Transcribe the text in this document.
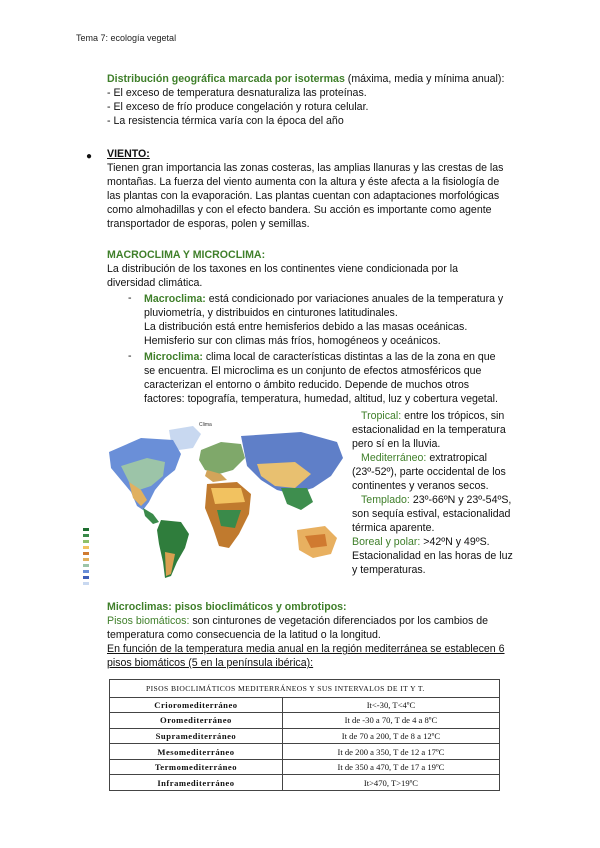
Tema 7: ecología vegetal
Distribución geográfica marcada por isotermas (máxima, media y mínima anual):
- El exceso de temperatura desnaturaliza las proteínas.
- El exceso de frío produce congelación y rotura celular.
- La resistencia térmica varía con la época del año
● VIENTO:
Tienen gran importancia las zonas costeras, las amplias llanuras y las crestas de las
montañas. La fuerza del viento aumenta con la altura y éste afecta a la fisiología de
las plantas con la evaporación. Las plantas cuentan con adaptaciones morfológicas
como almohadillas y con el efecto bandera. Su acción es importante como agente
transportador de esporas, polen y semillas.
MACROCLIMA Y MICROCLIMA:
La distribución de los taxones en los continentes viene condicionada por la
diversidad climática.
- Macroclima: está condicionado por variaciones anuales de la temperatura y
pluviometría, y distribuidos en cinturones latitudinales.
La distribución está entre hemisferios debido a las masas oceánicas.
Hemisferio sur con climas más fríos, homogéneos y oceánicos.
- Microclima: clima local de características distintas a las de la zona en que
se encuentra. El microclima es un conjunto de efectos atmosféricos que
caracterizan el entorno o ámbito reducido. Depende de muchos otros
factores: topografía, temperatura, humedad, altitud, luz y cobertura vegetal.
Tropical: entre los trópicos, sin
estacionalidad en la temperatura
pero sí en la lluvia.
Mediterráneo: extratropical
(23º-52º), parte occidental de los
continentes y veranos secos.
Templado: 23º-66ºN y 23º-54ºS,
son sequía estival, estacionalidad
térmica aparente.
Boreal y polar: >42ºN y 49ºS.
Estacionalidad en las horas de luz
y temperaturas.
Clima
Microclimas: pisos bioclimáticos y ombrotipos:
Pisos biomáticos: son cinturones de vegetación diferenciados por los cambios de
temperatura como consecuencia de la latitud o la longitud.
En función de la temperatura media anual en la región mediterránea se establecen 6
pisos biomáticos (5 en la península ibérica):
PISOS BIOCLIMÁTICOS MEDITERRÁNEOS Y SUS INTERVALOS DE IT Y T.	
Crioromediterráneo	It<-30, T<4ºC
Oromediterráneo	It de -30 a 70, T de 4 a 8ºC
Supramediterráneo	It de 70 a 200, T de 8 a 12ºC
Mesomediterráneo	It de 200 a 350, T de 12 a 17ºC
Termomediterráneo	It de 350 a 470, T de 17 a 19ºC
Inframediterráneo	It>470, T>19ºC
